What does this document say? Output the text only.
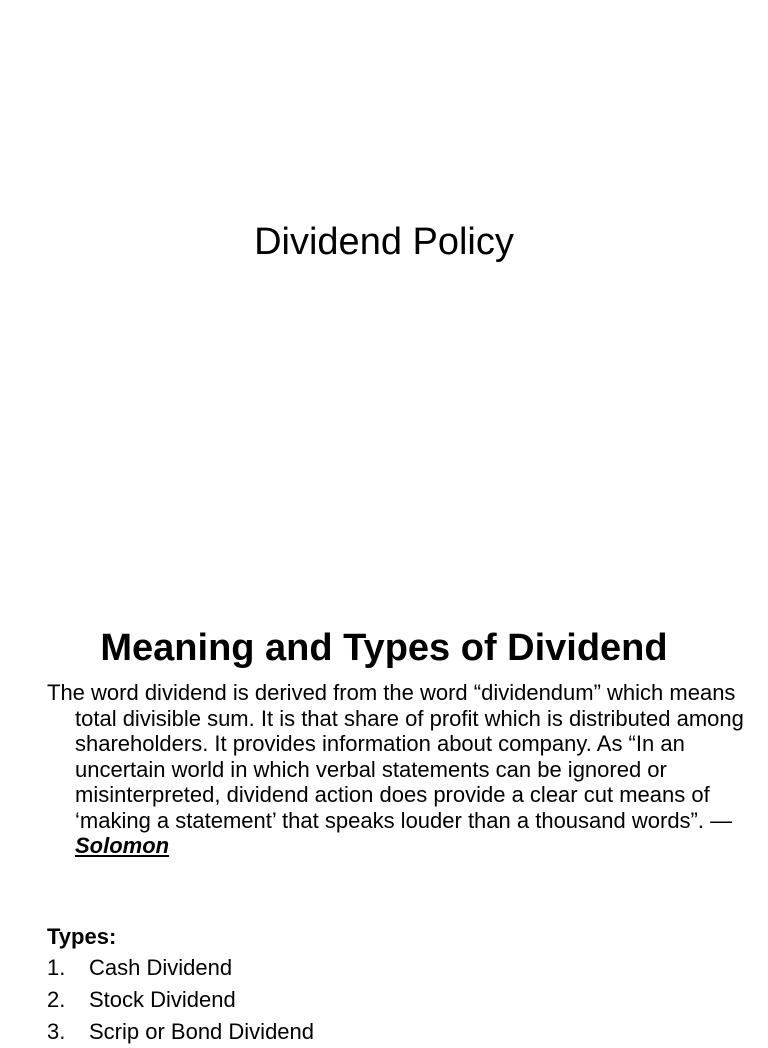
Dividend Policy
Meaning and Types of Dividend

The word dividend is derived from the word “dividendum” which means total divisible sum. It is that share of profit which is distributed among shareholders. It provides information about company. As “In an uncertain world in which verbal statements can be ignored or misinterpreted, dividend action does provide a clear cut means of ‘making a statement’ that speaks louder than a thousand words”. — Solomon

Types:
1.	Cash Dividend
2.	Stock Dividend
3.	Scrip or Bond Dividend
